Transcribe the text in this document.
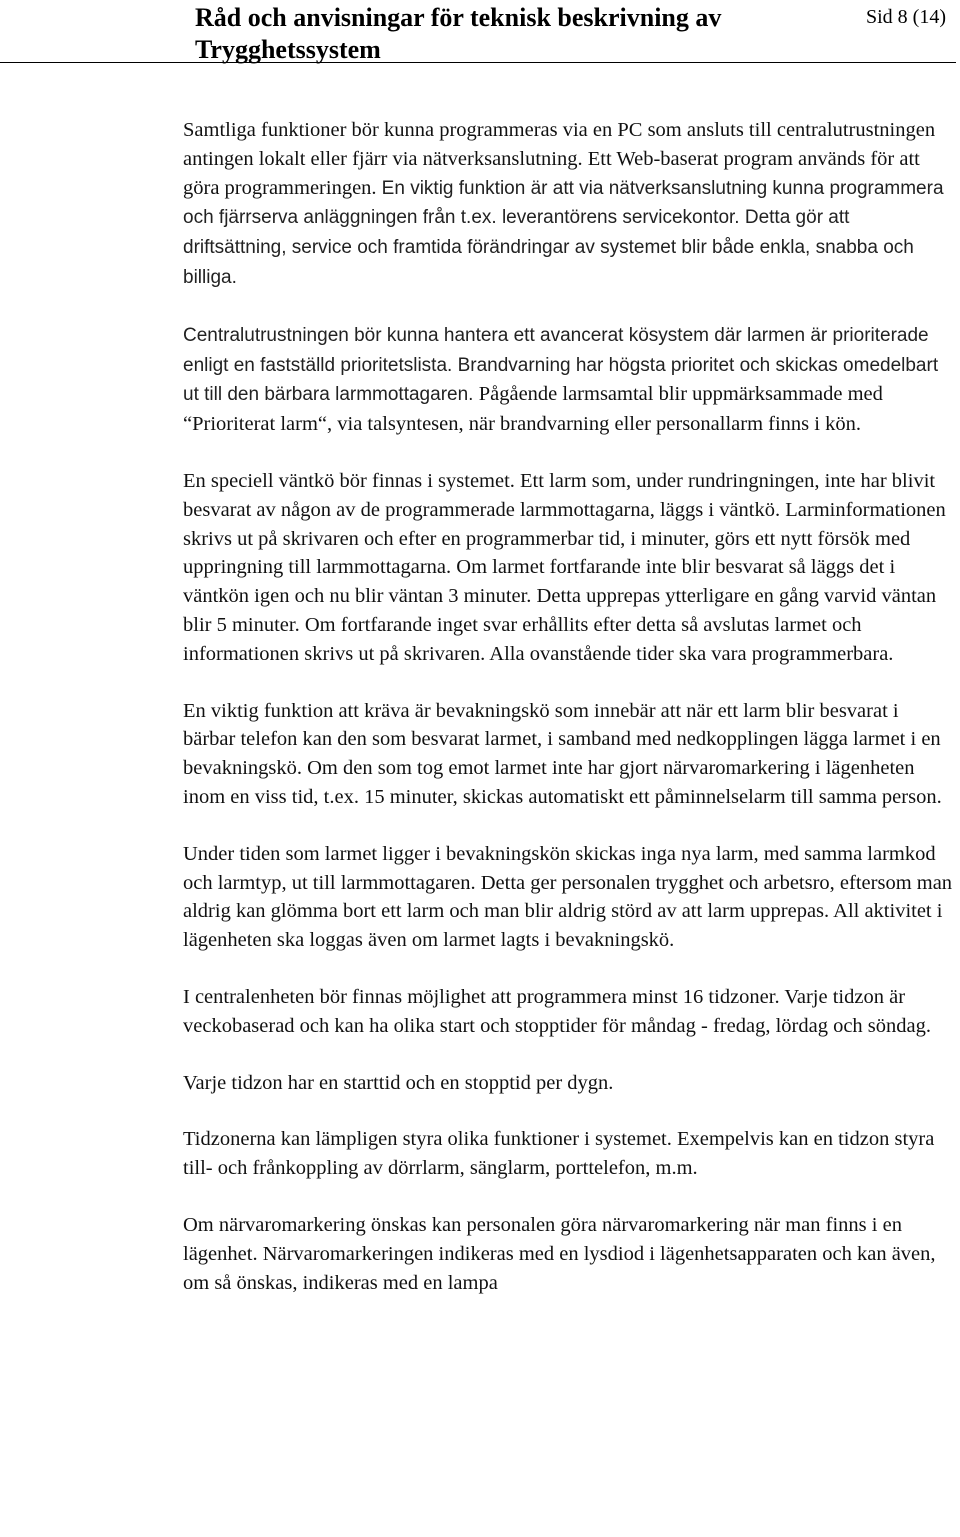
Råd och anvisningar för teknisk beskrivning av Trygghetssystem
Sid 8 (14)

Samtliga funktioner bör kunna programmeras via en PC som ansluts till centralutrustningen antingen lokalt eller fjärr via nätverksanslutning. Ett Web-baserat program används för att göra programmeringen. En viktig funktion är att via nätverksanslutning kunna programmera och fjärrserva anläggningen från t.ex. leverantörens servicekontor. Detta gör att driftsättning, service och framtida förändringar av systemet blir både enkla, snabba och billiga.

Centralutrustningen bör kunna hantera ett avancerat kösystem där larmen är prioriterade enligt en fastställd prioritetslista. Brandvarning har högsta prioritet och skickas omedelbart ut till den bärbara larmmottagaren. Pågående larmsamtal blir uppmärksammade med “Prioriterat larm“, via talsyntesen, när brandvarning eller personallarm finns i kön.

En speciell väntkö bör finnas i systemet. Ett larm som, under rundringningen, inte har blivit besvarat av någon av de programmerade larmmottagarna, läggs i väntkö. Larminformationen skrivs ut på skrivaren och efter en programmerbar tid, i minuter, görs ett nytt försök med uppringning till larmmottagarna. Om larmet fortfarande inte blir besvarat så läggs det i väntkön igen och nu blir väntan 3 minuter. Detta upprepas ytterligare en gång varvid väntan blir 5 minuter. Om fortfarande inget svar erhållits efter detta så avslutas larmet och informationen skrivs ut på skrivaren. Alla ovanstående tider ska vara programmerbara.

En viktig funktion att kräva är bevakningskö som innebär att när ett larm blir besvarat i bärbar telefon kan den som besvarat larmet, i samband med nedkopplingen lägga larmet i en bevakningskö. Om den som tog emot larmet inte har gjort närvaromarkering i lägenheten inom en viss tid, t.ex. 15 minuter, skickas automatiskt ett påminnelselarm till samma person.

Under tiden som larmet ligger i bevakningskön skickas inga nya larm, med samma larmkod och larmtyp, ut till larmmottagaren. Detta ger personalen trygghet och arbetsro, eftersom man aldrig kan glömma bort ett larm och man blir aldrig störd av att larm upprepas. All aktivitet i lägenheten ska loggas även om larmet lagts i bevakningskö.

I centralenheten bör finnas möjlighet att programmera minst 16 tidzoner. Varje tidzon är veckobaserad och kan ha olika start och stopptider för måndag - fredag, lördag och söndag.

Varje tidzon har en starttid och en stopptid per dygn.

Tidzonerna kan lämpligen styra olika funktioner i systemet. Exempelvis kan en tidzon styra till- och frånkoppling av dörrlarm, sänglarm, porttelefon, m.m.

Om närvaromarkering önskas kan personalen göra närvaromarkering när man finns i en lägenhet. Närvaromarkeringen indikeras med en lysdiod i lägenhetsapparaten och kan även, om så önskas, indikeras med en lampa
